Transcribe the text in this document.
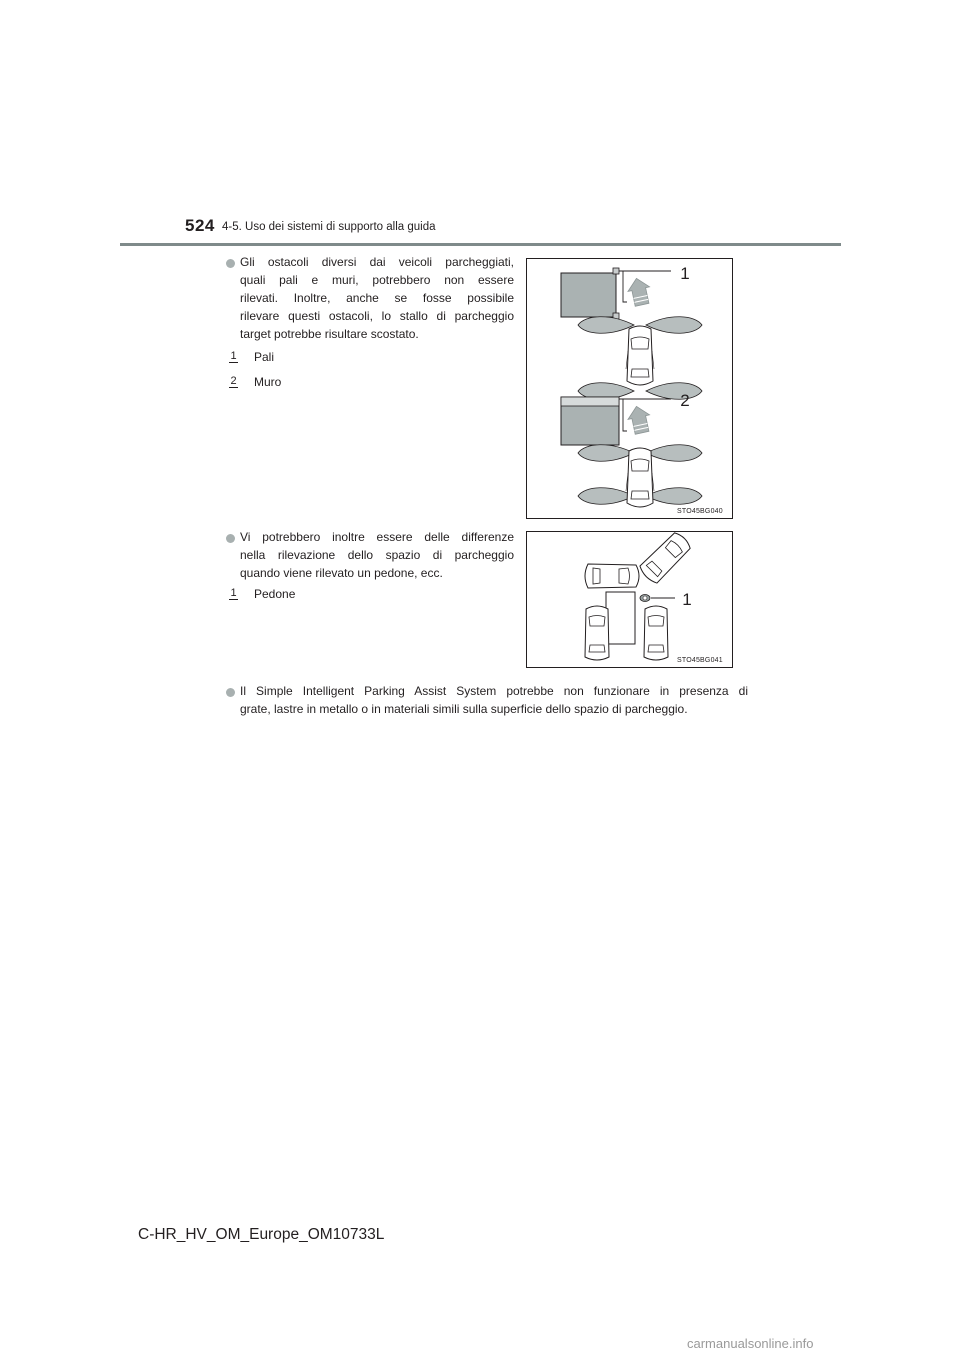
524 4-5. Uso dei sistemi di supporto alla guida
Gli ostacoli diversi dai veicoli parcheggiati,
quali pali e muri, potrebbero non essere
rilevati. Inoltre, anche se fosse possibile
rilevare questi ostacoli, lo stallo di parcheggio
target potrebbe risultare scostato.
1 Pali
2 Muro
1
2
STO45BG040
Vi potrebbero inoltre essere delle differenze
nella rilevazione dello spazio di parcheggio
quando viene rilevato un pedone, ecc.
1 Pedone	1
STO45BG041
Il Simple Intelligent Parking Assist System potrebbe non funzionare in presenza di
grate, lastre in metallo o in materiali simili sulla superficie dello spazio di parcheggio.
C-HR_HV_OM_Europe_OM10733L
carmanualsonline.info
